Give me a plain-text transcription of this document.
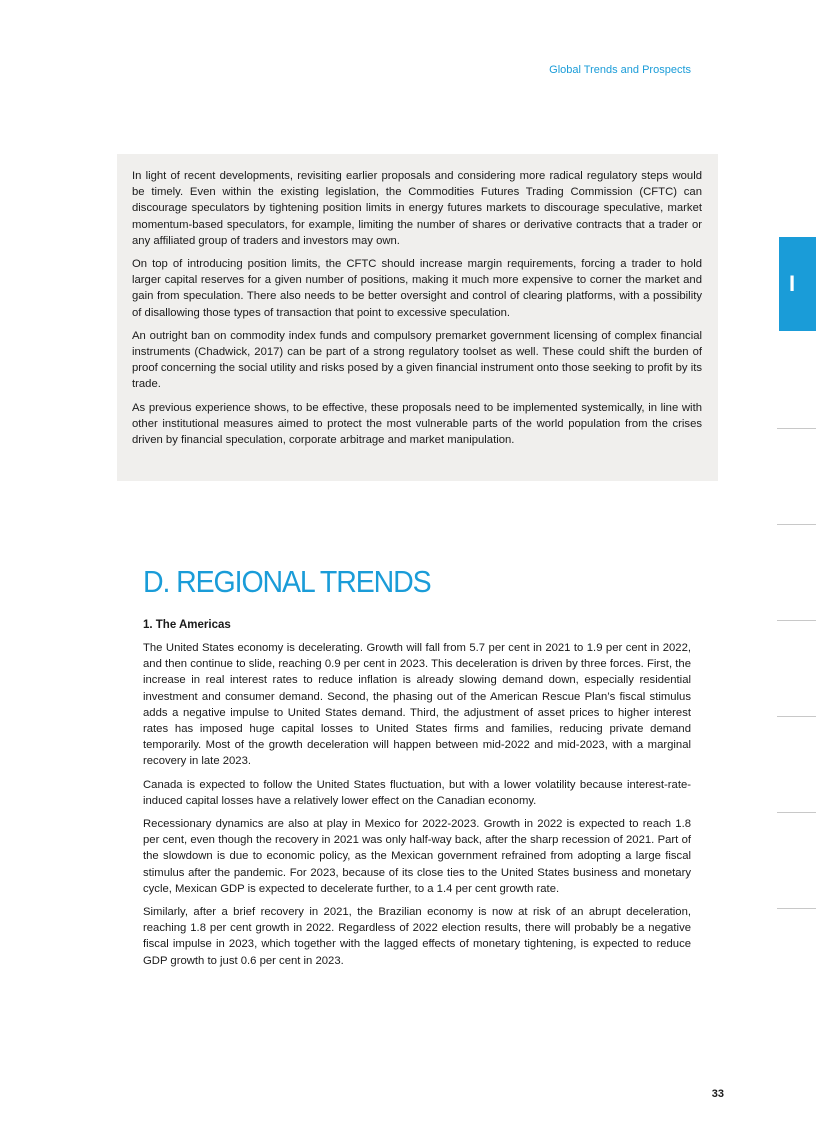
Global Trends and Prospects

In light of recent developments, revisiting earlier proposals and considering more radical regulatory steps would be timely. Even within the existing legislation, the Commodities Futures Trading Commission (CFTC) can discourage speculators by tightening position limits in energy futures markets to discourage speculative, market momentum-based speculators, for example, limiting the number of shares or derivative contracts that a trader or any affiliated group of traders and investors may own.

On top of introducing position limits, the CFTC should increase margin requirements, forcing a trader to hold larger capital reserves for a given number of positions, making it much more expensive to corner the market and gain from speculation. There also needs to be better oversight and control of clearing platforms, with a possibility of disallowing those types of transaction that point to excessive speculation.

An outright ban on commodity index funds and compulsory premarket government licensing of complex financial instruments (Chadwick, 2017) can be part of a strong regulatory toolset as well. These could shift the burden of proof concerning the social utility and risks posed by a given financial instrument onto those seeking to profit by its trade.

As previous experience shows, to be effective, these proposals need to be implemented systemically, in line with other institutional measures aimed to protect the most vulnerable parts of the world population from the crises driven by financial speculation, corporate arbitrage and market manipulation.

I
D. REGIONAL TRENDS
1. The Americas

The United States economy is decelerating. Growth will fall from 5.7 per cent in 2021 to 1.9 per cent in 2022, and then continue to slide, reaching 0.9 per cent in 2023. This deceleration is driven by three forces. First, the increase in real interest rates to reduce inflation is already slowing demand down, especially residential investment and consumer demand. Second, the phasing out of the American Rescue Plan’s fiscal stimulus adds a negative impulse to United States demand. Third, the adjustment of asset prices to higher interest rates has imposed huge capital losses to United States firms and families, reducing private demand temporarily. Most of the growth deceleration will happen between mid-2022 and mid-2023, with a marginal recovery in late 2023.

Canada is expected to follow the United States fluctuation, but with a lower volatility because interest-rate-induced capital losses have a relatively lower effect on the Canadian economy.

Recessionary dynamics are also at play in Mexico for 2022-2023. Growth in 2022 is expected to reach 1.8 per cent, even though the recovery in 2021 was only half-way back, after the sharp recession of 2021. Part of the slowdown is due to economic policy, as the Mexican government refrained from adopting a large fiscal stimulus after the pandemic. For 2023, because of its close ties to the United States business and monetary cycle, Mexican GDP is expected to decelerate further, to a 1.4 per cent growth rate.

Similarly, after a brief recovery in 2021, the Brazilian economy is now at risk of an abrupt deceleration, reaching 1.8 per cent growth in 2022. Regardless of 2022 election results, there will probably be a negative fiscal impulse in 2023, which together with the lagged effects of monetary tightening, is expected to reduce GDP growth to just 0.6 per cent in 2023.

33
